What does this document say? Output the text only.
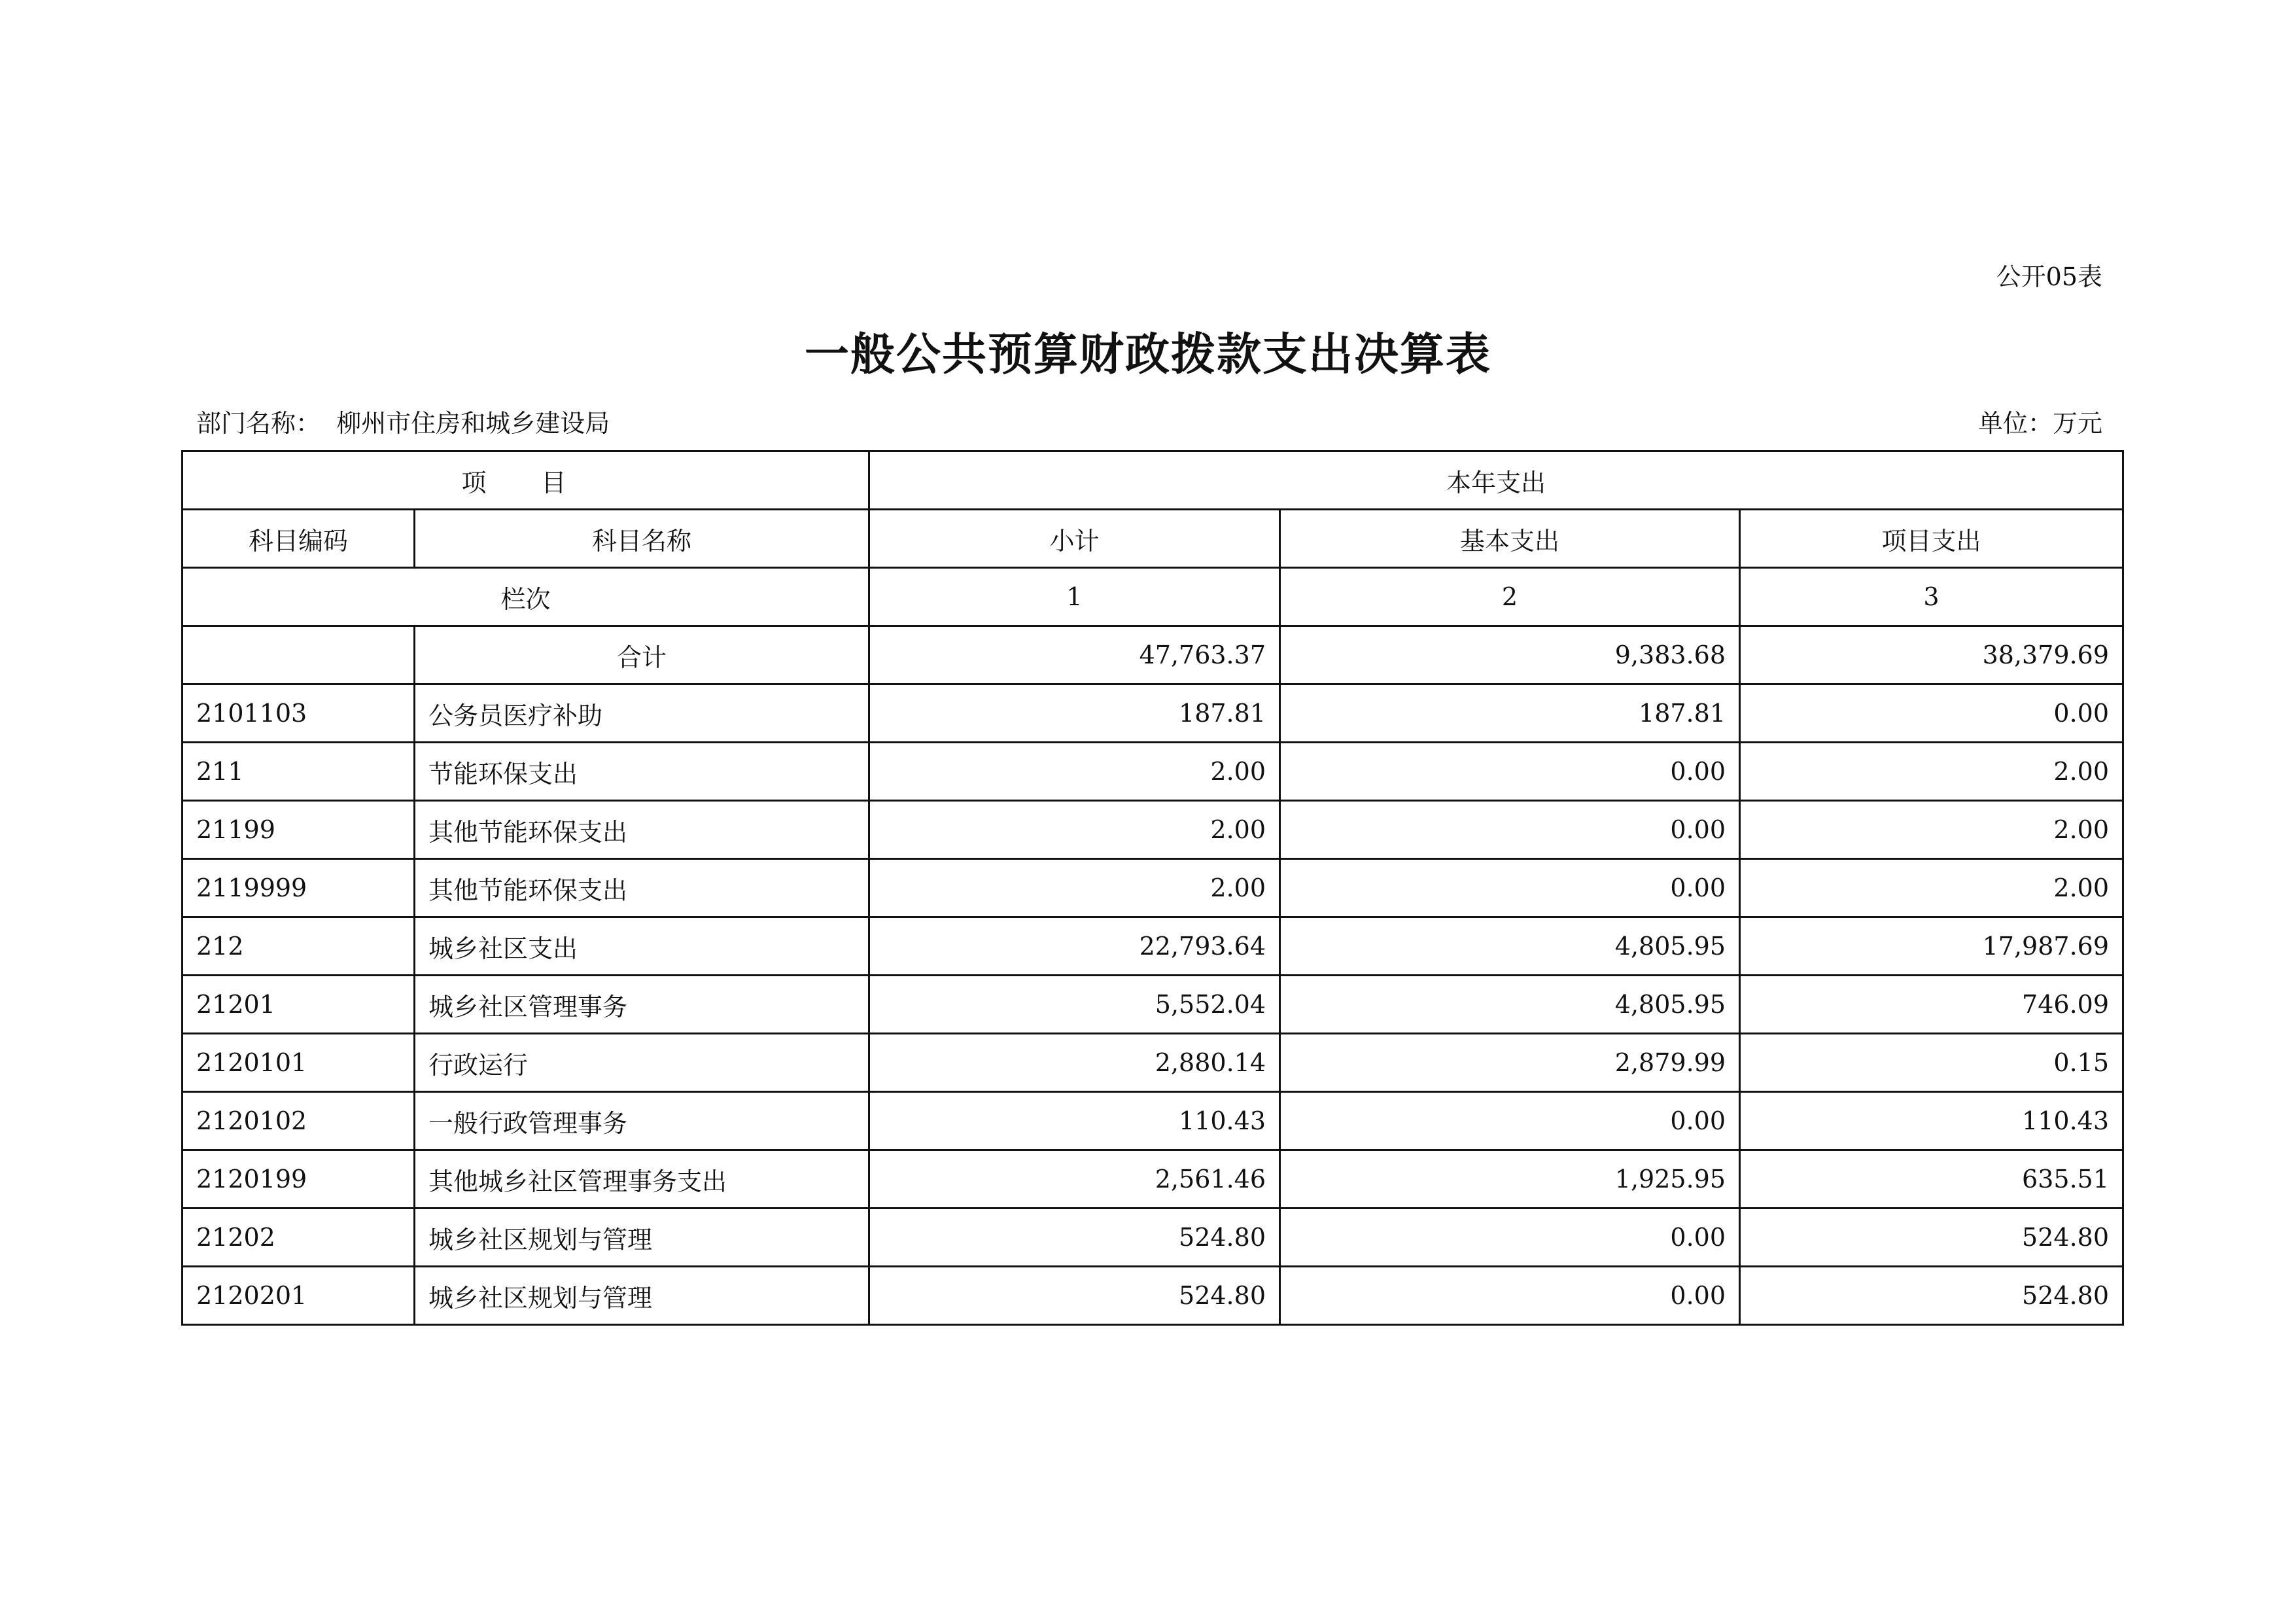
公开05表
一般公共预算财政拨款支出决算表
部门名称： 柳州市住房和城乡建设局	单位：万元
项 目		本年支出		
科目编码	科目名称	小计	基本支出	项目支出
栏次		1	2	3
	合计	47,763.37	9,383.68	38,379.69
2101103	公务员医疗补助	187.81	187.81	0.00
211	节能环保支出	2.00	0.00	2.00
21199	其他节能环保支出	2.00	0.00	2.00
2119999	其他节能环保支出	2.00	0.00	2.00
212	城乡社区支出	22,793.64	4,805.95	17,987.69
21201	城乡社区管理事务	5,552.04	4,805.95	746.09
2120101	行政运行	2,880.14	2,879.99	0.15
2120102	一般行政管理事务	110.43	0.00	110.43
2120199	其他城乡社区管理事务支出	2,561.46	1,925.95	635.51
21202	城乡社区规划与管理	524.80	0.00	524.80
2120201	城乡社区规划与管理	524.80	0.00	524.80
